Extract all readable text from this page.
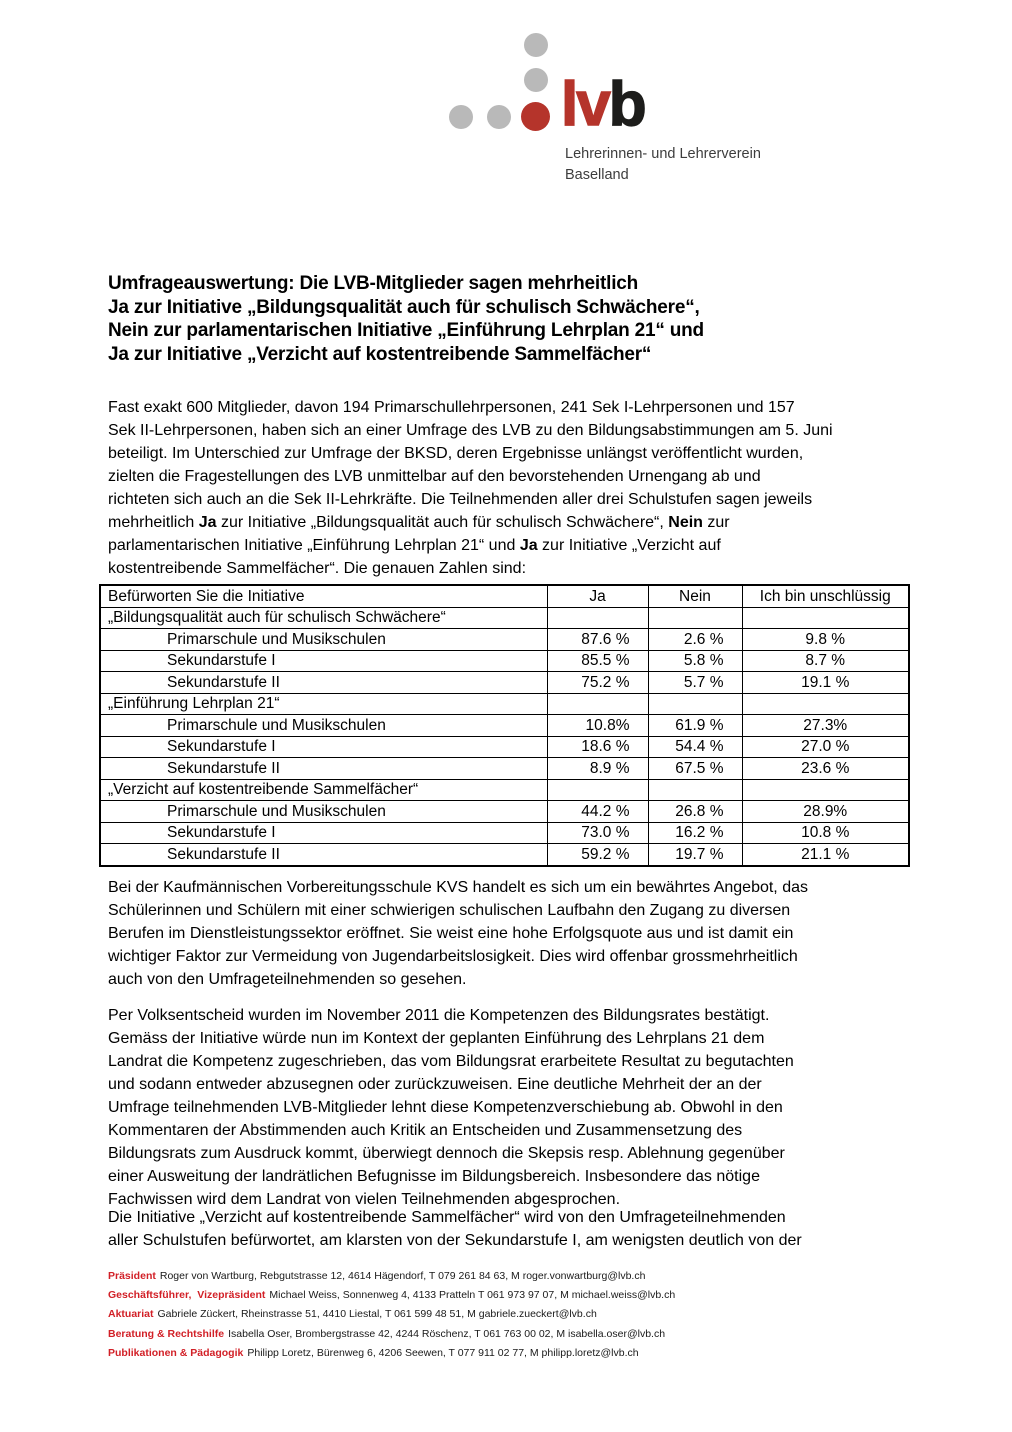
lvb
Lehrerinnen- und Lehrerverein
Baselland
Umfrageauswertung: Die LVB-Mitglieder sagen mehrheitlich
Ja zur Initiative „Bildungsqualität auch für schulisch Schwächere“,
Nein zur parlamentarischen Initiative „Einführung Lehrplan 21“ und
Ja zur Initiative „Verzicht auf kostentreibende Sammelfächer“
Fast exakt 600 Mitglieder, davon 194 Primarschullehrpersonen, 241 Sek I-Lehrpersonen und 157
Sek II-Lehrpersonen, haben sich an einer Umfrage des LVB zu den Bildungsabstimmungen am 5. Juni
beteiligt. Im Unterschied zur Umfrage der BKSD, deren Ergebnisse unlängst veröffentlicht wurden,
zielten die Fragestellungen des LVB unmittelbar auf den bevorstehenden Urnengang ab und
richteten sich auch an die Sek II-Lehrkräfte. Die Teilnehmenden aller drei Schulstufen sagen jeweils
mehrheitlich Ja zur Initiative „Bildungsqualität auch für schulisch Schwächere“, Nein zur
parlamentarischen Initiative „Einführung Lehrplan 21“ und Ja zur Initiative „Verzicht auf
kostentreibende Sammelfächer“. Die genauen Zahlen sind:
Befürworten Sie die Initiative	Ja	Nein	Ich bin unschlüssig
„Bildungsqualität auch für schulisch Schwächere“			
Primarschule und Musikschulen	87.6 %	2.6 %	9.8 %
Sekundarstufe I	85.5 %	5.8 %	8.7 %
Sekundarstufe II	75.2 %	5.7 %	19.1 %
„Einführung Lehrplan 21“			
Primarschule und Musikschulen	10.8%	61.9 %	27.3%
Sekundarstufe I	18.6 %	54.4 %	27.0 %
Sekundarstufe II	8.9 %	67.5 %	23.6 %
„Verzicht auf kostentreibende Sammelfächer“			
Primarschule und Musikschulen	44.2 %	26.8 %	28.9%
Sekundarstufe I	73.0 %	16.2 %	10.8 %
Sekundarstufe II	59.2 %	19.7 %	21.1 %
Bei der Kaufmännischen Vorbereitungsschule KVS handelt es sich um ein bewährtes Angebot, das
Schülerinnen und Schülern mit einer schwierigen schulischen Laufbahn den Zugang zu diversen
Berufen im Dienstleistungssektor eröffnet. Sie weist eine hohe Erfolgsquote aus und ist damit ein
wichtiger Faktor zur Vermeidung von Jugendarbeitslosigkeit. Dies wird offenbar grossmehrheitlich
auch von den Umfrageteilnehmenden so gesehen.
Per Volksentscheid wurden im November 2011 die Kompetenzen des Bildungsrates bestätigt.
Gemäss der Initiative würde nun im Kontext der geplanten Einführung des Lehrplans 21 dem
Landrat die Kompetenz zugeschrieben, das vom Bildungsrat erarbeitete Resultat zu begutachten
und sodann entweder abzusegnen oder zurückzuweisen. Eine deutliche Mehrheit der an der
Umfrage teilnehmenden LVB-Mitglieder lehnt diese Kompetenzverschiebung ab. Obwohl in den
Kommentaren der Abstimmenden auch Kritik an Entscheiden und Zusammensetzung des
Bildungsrats zum Ausdruck kommt, überwiegt dennoch die Skepsis resp. Ablehnung gegenüber
einer Ausweitung der landrätlichen Befugnisse im Bildungsbereich. Insbesondere das nötige
Fachwissen wird dem Landrat von vielen Teilnehmenden abgesprochen.
Die Initiative „Verzicht auf kostentreibende Sammelfächer“ wird von den Umfrageteilnehmenden
aller Schulstufen befürwortet, am klarsten von der Sekundarstufe I, am wenigsten deutlich von der
Präsident Roger von Wartburg, Rebgutstrasse 12, 4614 Hägendorf, T 079 261 84 63, M roger.vonwartburg@lvb.ch
Geschäftsführer,  Vizepräsident Michael Weiss, Sonnenweg 4, 4133 Pratteln T 061 973 97 07, M michael.weiss@lvb.ch
Aktuariat Gabriele Zückert, Rheinstrasse 51, 4410 Liestal, T 061 599 48 51, M gabriele.zueckert@lvb.ch
Beratung & Rechtshilfe Isabella Oser, Brombergstrasse 42, 4244 Röschenz, T 061 763 00 02, M isabella.oser@lvb.ch
Publikationen & Pädagogik Philipp Loretz, Bürenweg 6, 4206 Seewen, T 077 911 02 77, M philipp.loretz@lvb.ch
